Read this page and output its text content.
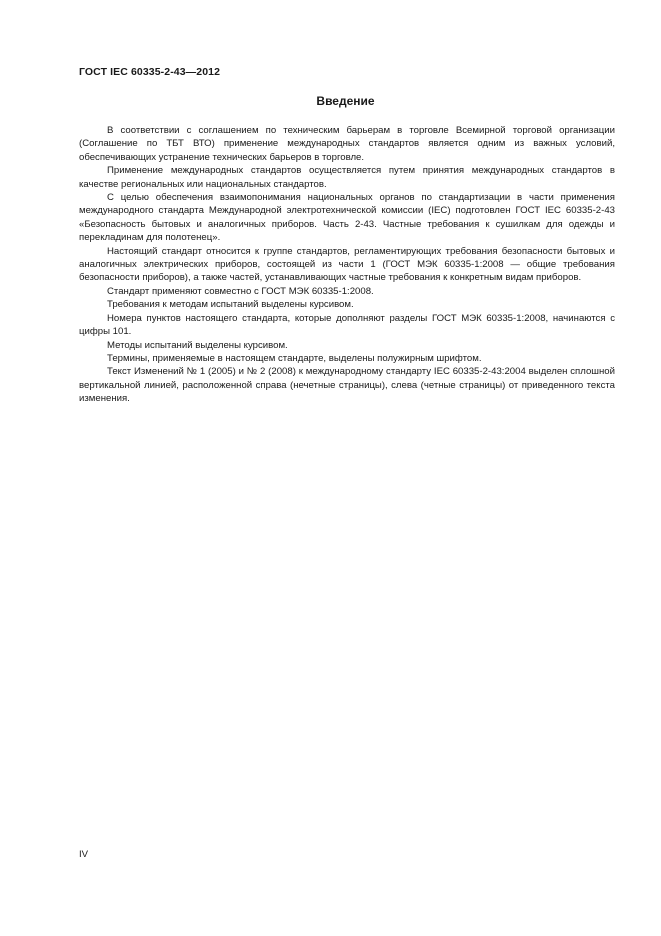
ГОСТ IEC 60335-2-43—2012
Введение

В соответствии с соглашением по техническим барьерам в торговле Всемирной торговой организации (Соглашение по ТБТ ВТО) применение международных стандартов является одним из важных условий, обеспечивающих устранение технических барьеров в торговле.

Применение международных стандартов осуществляется путем принятия международных стандартов в качестве региональных или национальных стандартов.

С целью обеспечения взаимопонимания национальных органов по стандартизации в части применения международного стандарта Международной электротехнической комиссии (IEC) подготовлен ГОСТ IEC 60335-2-43 «Безопасность бытовых и аналогичных приборов. Часть 2-43. Частные требования к сушилкам для одежды и перекладинам для полотенец».

Настоящий стандарт относится к группе стандартов, регламентирующих требования безопасности бытовых и аналогичных электрических приборов, состоящей из части 1 (ГОСТ МЭК 60335-1:2008 — общие требования безопасности приборов), а также частей, устанавливающих частные требования к конкретным видам приборов.

Стандарт применяют совместно с ГОСТ МЭК 60335-1:2008.

Требования к методам испытаний выделены курсивом.

Номера пунктов настоящего стандарта, которые дополняют разделы ГОСТ МЭК 60335-1:2008, начинаются с цифры 101.

Методы испытаний выделены курсивом.

Термины, применяемые в настоящем стандарте, выделены полужирным шрифтом.

Текст Изменений № 1 (2005) и № 2 (2008) к международному стандарту IEC 60335-2-43:2004 выделен сплошной вертикальной линией, расположенной справа (нечетные страницы), слева (четные страницы) от приведенного текста изменения.

IV
